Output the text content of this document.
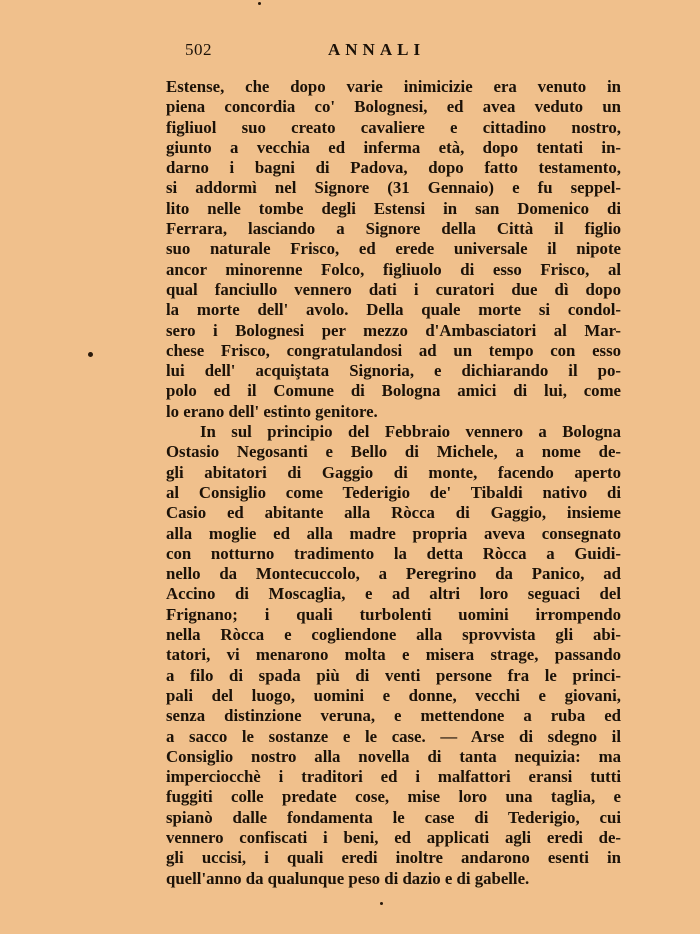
502	ANNALI
Estense, che dopo varie inimicizie era venuto in
piena concordia co' Bolognesi, ed avea veduto un
figliuol suo creato cavaliere e cittadino nostro,
giunto a vecchia ed inferma età, dopo tentati in-
darno i bagni di Padova, dopo fatto testamento,
si addormì nel Signore (31 Gennaio) e fu seppel-
lito nelle tombe degli Estensi in san Domenico di
Ferrara, lasciando a Signore della Città il figlio
suo naturale Frisco, ed erede universale il nipote
ancor minorenne Folco, figliuolo di esso Frisco, al
qual fanciullo vennero dati i curatori due dì dopo
la morte dell' avolo. Della quale morte si condol-
sero i Bolognesi per mezzo d'Ambasciatori al Mar-
chese Frisco, congratulandosi ad un tempo con esso
lui dell' acquiştata Signoria, e dichiarando il po-
polo ed il Comune di Bologna amici di lui, come
lo erano dell' estinto genitore.
In sul principio del Febbraio vennero a Bologna
Ostasio Negosanti e Bello di Michele, a nome de-
gli abitatori di Gaggio di monte, facendo aperto
al Consiglio come Tederigio de' Tibaldi nativo di
Casio ed abitante alla Ròcca di Gaggio, insieme
alla moglie ed alla madre propria aveva consegnato
con notturno tradimento la detta Ròcca a Guidi-
nello da Montecuccolo, a Peregrino da Panico, ad
Accino di Moscaglia, e ad altri loro seguaci del
Frignano; i quali turbolenti uomini irrompendo
nella Ròcca e cogliendone alla sprovvista gli abi-
tatori, vi menarono molta e misera strage, passando
a filo di spada più di venti persone fra le princi-
pali del luogo, uomini e donne, vecchi e giovani,
senza distinzione veruna, e mettendone a ruba ed
a sacco le sostanze e le case. — Arse di sdegno il
Consiglio nostro alla novella di tanta nequizia: ma
imperciocchè i traditori ed i malfattori eransi tutti
fuggiti colle predate cose, mise loro una taglia, e
spianò dalle fondamenta le case di Tederigio, cui
vennero confiscati i beni, ed applicati agli eredi de-
gli uccisi, i quali eredi inoltre andarono esenti in
quell'anno da qualunque peso di dazio e di gabelle.
